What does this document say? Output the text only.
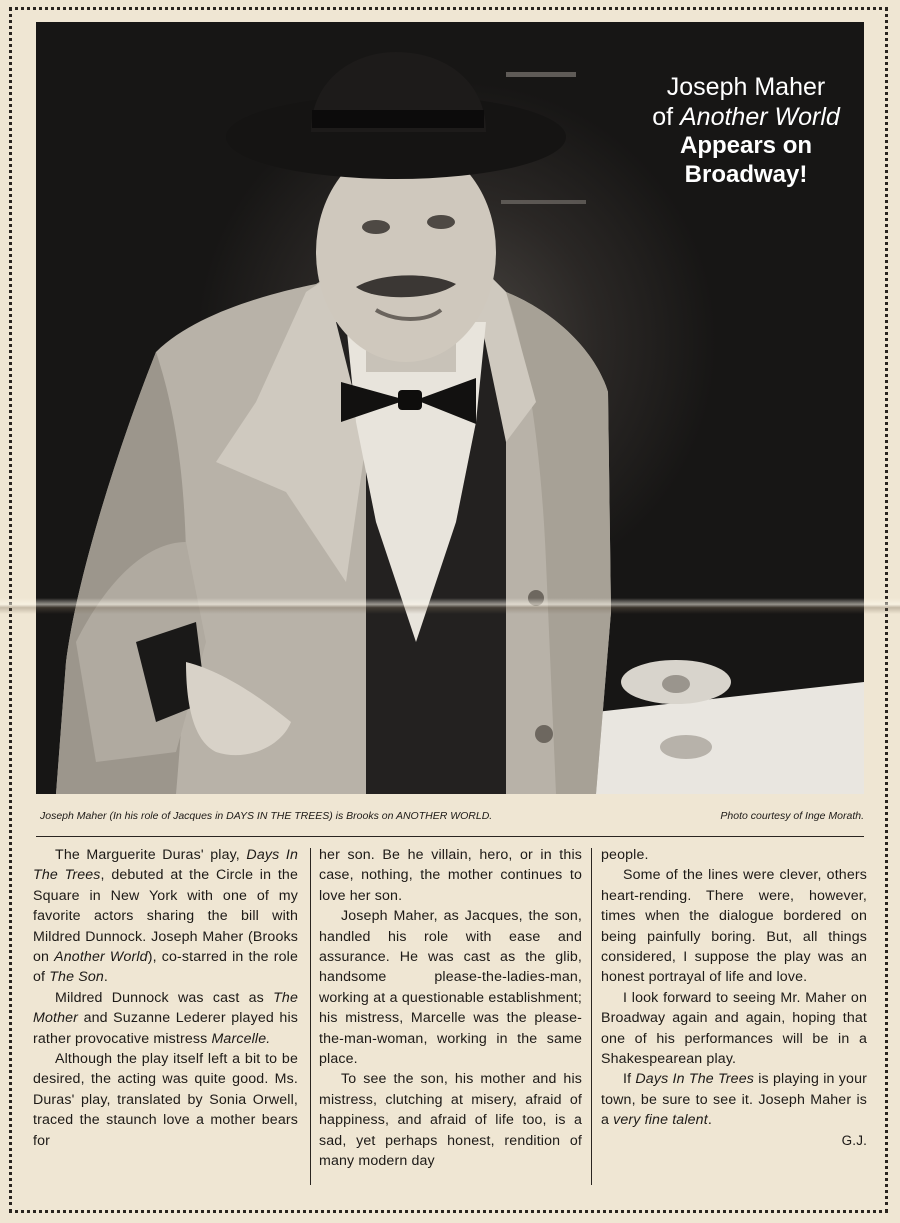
Joseph Maher
of Another World
Appears on
Broadway!
Joseph Maher (In his role of Jacques in DAYS IN THE TREES) is Brooks on ANOTHER WORLD.	Photo courtesy of Inge Morath.

The Marguerite Duras' play, Days In The Trees, debuted at the Circle in the Square in New York with one of my favorite actors sharing the bill with Mildred Dunnock. Joseph Maher (Brooks on Another World), co-starred in the role of The Son.

Mildred Dunnock was cast as The Mother and Suzanne Lederer played his rather provocative mistress Marcelle.

Although the play itself left a bit to be desired, the acting was quite good. Ms. Duras' play, translated by Sonia Orwell, traced the staunch love a mother bears for

her son. Be he villain, hero, or in this case, nothing, the mother continues to love her son.

Joseph Maher, as Jacques, the son, handled his role with ease and assurance. He was cast as the glib, handsome please-the-ladies-man, working at a questionable establishment; his mistress, Marcelle was the please-the-man-woman, working in the same place.

To see the son, his mother and his mistress, clutching at misery, afraid of happiness, and afraid of life too, is a sad, yet perhaps honest, rendition of many modern day

people.

Some of the lines were clever, others heart-rending. There were, however, times when the dialogue bordered on being painfully boring. But, all things considered, I suppose the play was an honest portrayal of life and love.

I look forward to seeing Mr. Maher on Broadway again and again, hoping that one of his performances will be in a Shakespearean play.

If Days In The Trees is playing in your town, be sure to see it. Joseph Maher is a very fine talent.

G.J.
